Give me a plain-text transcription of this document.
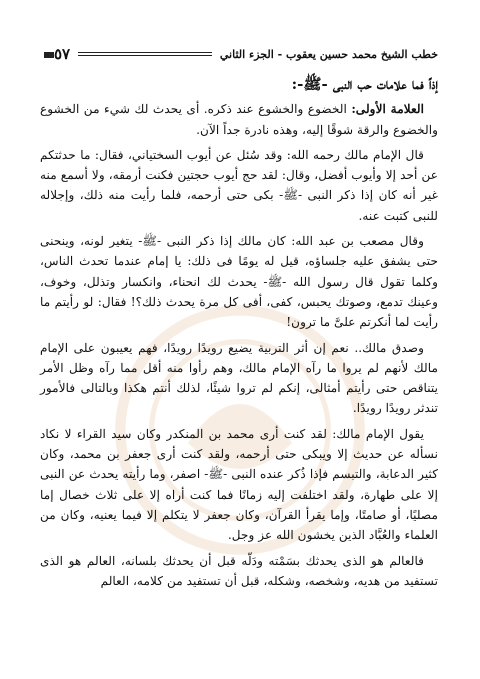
خطب الشيخ محمد حسين يعقوب - الجزء الثاني
٥٧

إذاً فما علامات حب النبى -ﷺ-:

العلامة الأولى: الخضوع والخشوع عند ذكره. أى يحدث لك شيء من الخشوع والخضوع والرقة شوقًا إليه، وهذه نادرة جداً الآن.

قال الإمام مالك رحمه الله: وقد سُئل عن أيوب السختياني، فقال: ما حدثتكم عن أحد إلا وأيوب أفضل، وقال: لقد حج أيوب حجتين فكنت أرمقه، ولا أسمع منه غير أنه كان إذا ذكر النبى -ﷺ- بكى حتى أرحمه، فلما رأيت منه ذلك، وإجلاله للنبى كتبت عنه.

وقال مصعب بن عبد الله: كان مالك إذا ذكر النبى -ﷺ- يتغير لونه، وينحنى حتى يشفق عليه جلساؤه، قيل له يومًا فى ذلك: يا إمام عندما تحدث الناس، وكلما تقول قال رسول الله -ﷺ- يحدث لك انحناء، وانكسار وتذلل، وخوف، وعينك تدمع، وصوتك يحبس، كفى، أفى كل مرة يحدث ذلك؟! فقال: لو رأيتم ما رأيت لما أنكرتم علىَّ ما ترون!

وصدق مالك.. نعم إن أثر التربية يضيع رويدًا رويدًا، فهم يعيبون على الإمام مالك لأنهم لم يروا ما رآه الإمام مالك، وهم رأوا منه أقل مما رآه وظل الأمر يتناقص حتى رأيتم أمثالى، إنكم لم تروا شيئًا، لذلك أنتم هكذا وبالتالى فالأمور تندثر رويدًا رويدًا.

يقول الإمام مالك: لقد كنت أرى محمد بن المنكدر وكان سيد القراء لا نكاد نسأله عن حديث إلا ويبكى حتى أرحمه، ولقد كنت أرى جعفر بن محمد، وكان كثير الدعابة، والتبسم فإذا ذُكر عنده النبى -ﷺ- اصفر، وما رأيته يحدث عن النبى إلا على طهارة، ولقد اختلفت إليه زمانًا فما كنت أراه إلا على ثلاث خصال إما مصليًا، أو صامتًا، وإما يقرأ القرآن، وكان جعفر لا يتكلم إلا فيما يعنيه، وكان من العلماء والعُبَّاد الذين يخشون الله عز وجل.

فالعالم هو الذى يحدثك بسَمْته ودَلّه قبل أن يحدثك بلسانه، العالم هو الذى تستفيد من هديه، وشخصه، وشكله، قبل أن تستفيد من كلامه، العالم
